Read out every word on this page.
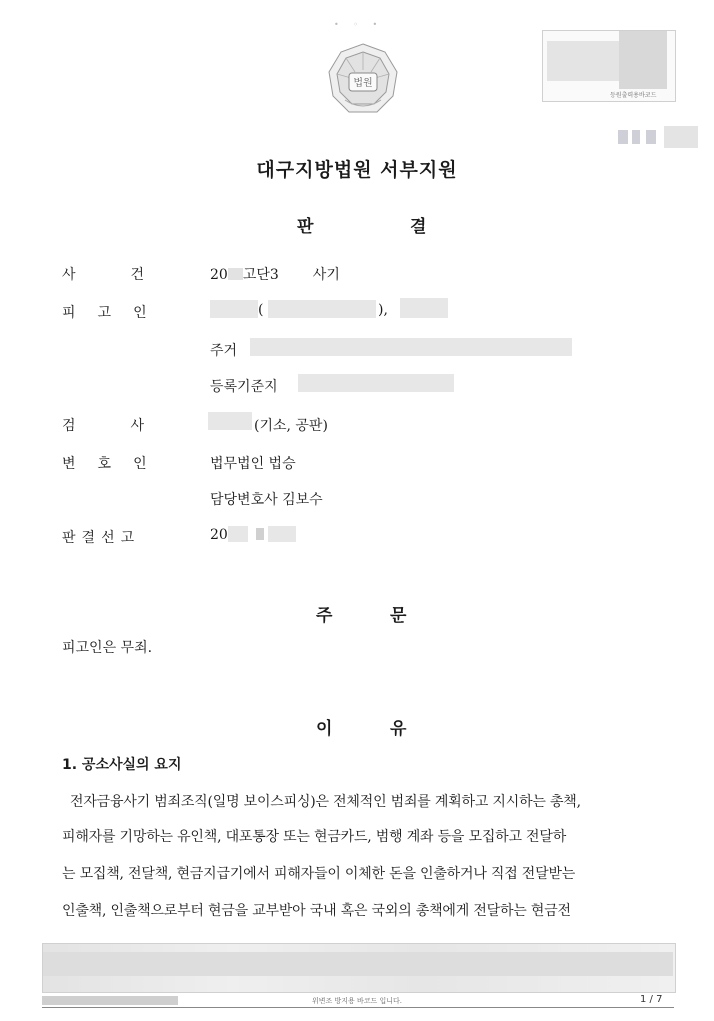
• ◦ •
법원
등원출력용바코드
대구지방법원 서부지원
판	결
사	건	20 고단3 사기
피 고 인	(	),
주거
등록기준지
검	사	(기소, 공판)
변 호 인	법무법인 법승
담당변호사 김보수
판 결 선 고	20
주	문
피고인은 무죄.
이	유
1. 공소사실의 요지
전자금융사기 범죄조직(일명 보이스피싱)은 전체적인 범죄를 계획하고 지시하는 총책,
피해자를 기망하는 유인책, 대포통장 또는 현금카드, 범행 계좌 등을 모집하고 전달하
는 모집책, 전달책, 현금지급기에서 피해자들이 이체한 돈을 인출하거나 직접 전달받는
인출책, 인출책으로부터 현금을 교부받아 국내 혹은 국외의 총책에게 전달하는 현금전
위변조 방지용 바코드 입니다.	1 / 7
